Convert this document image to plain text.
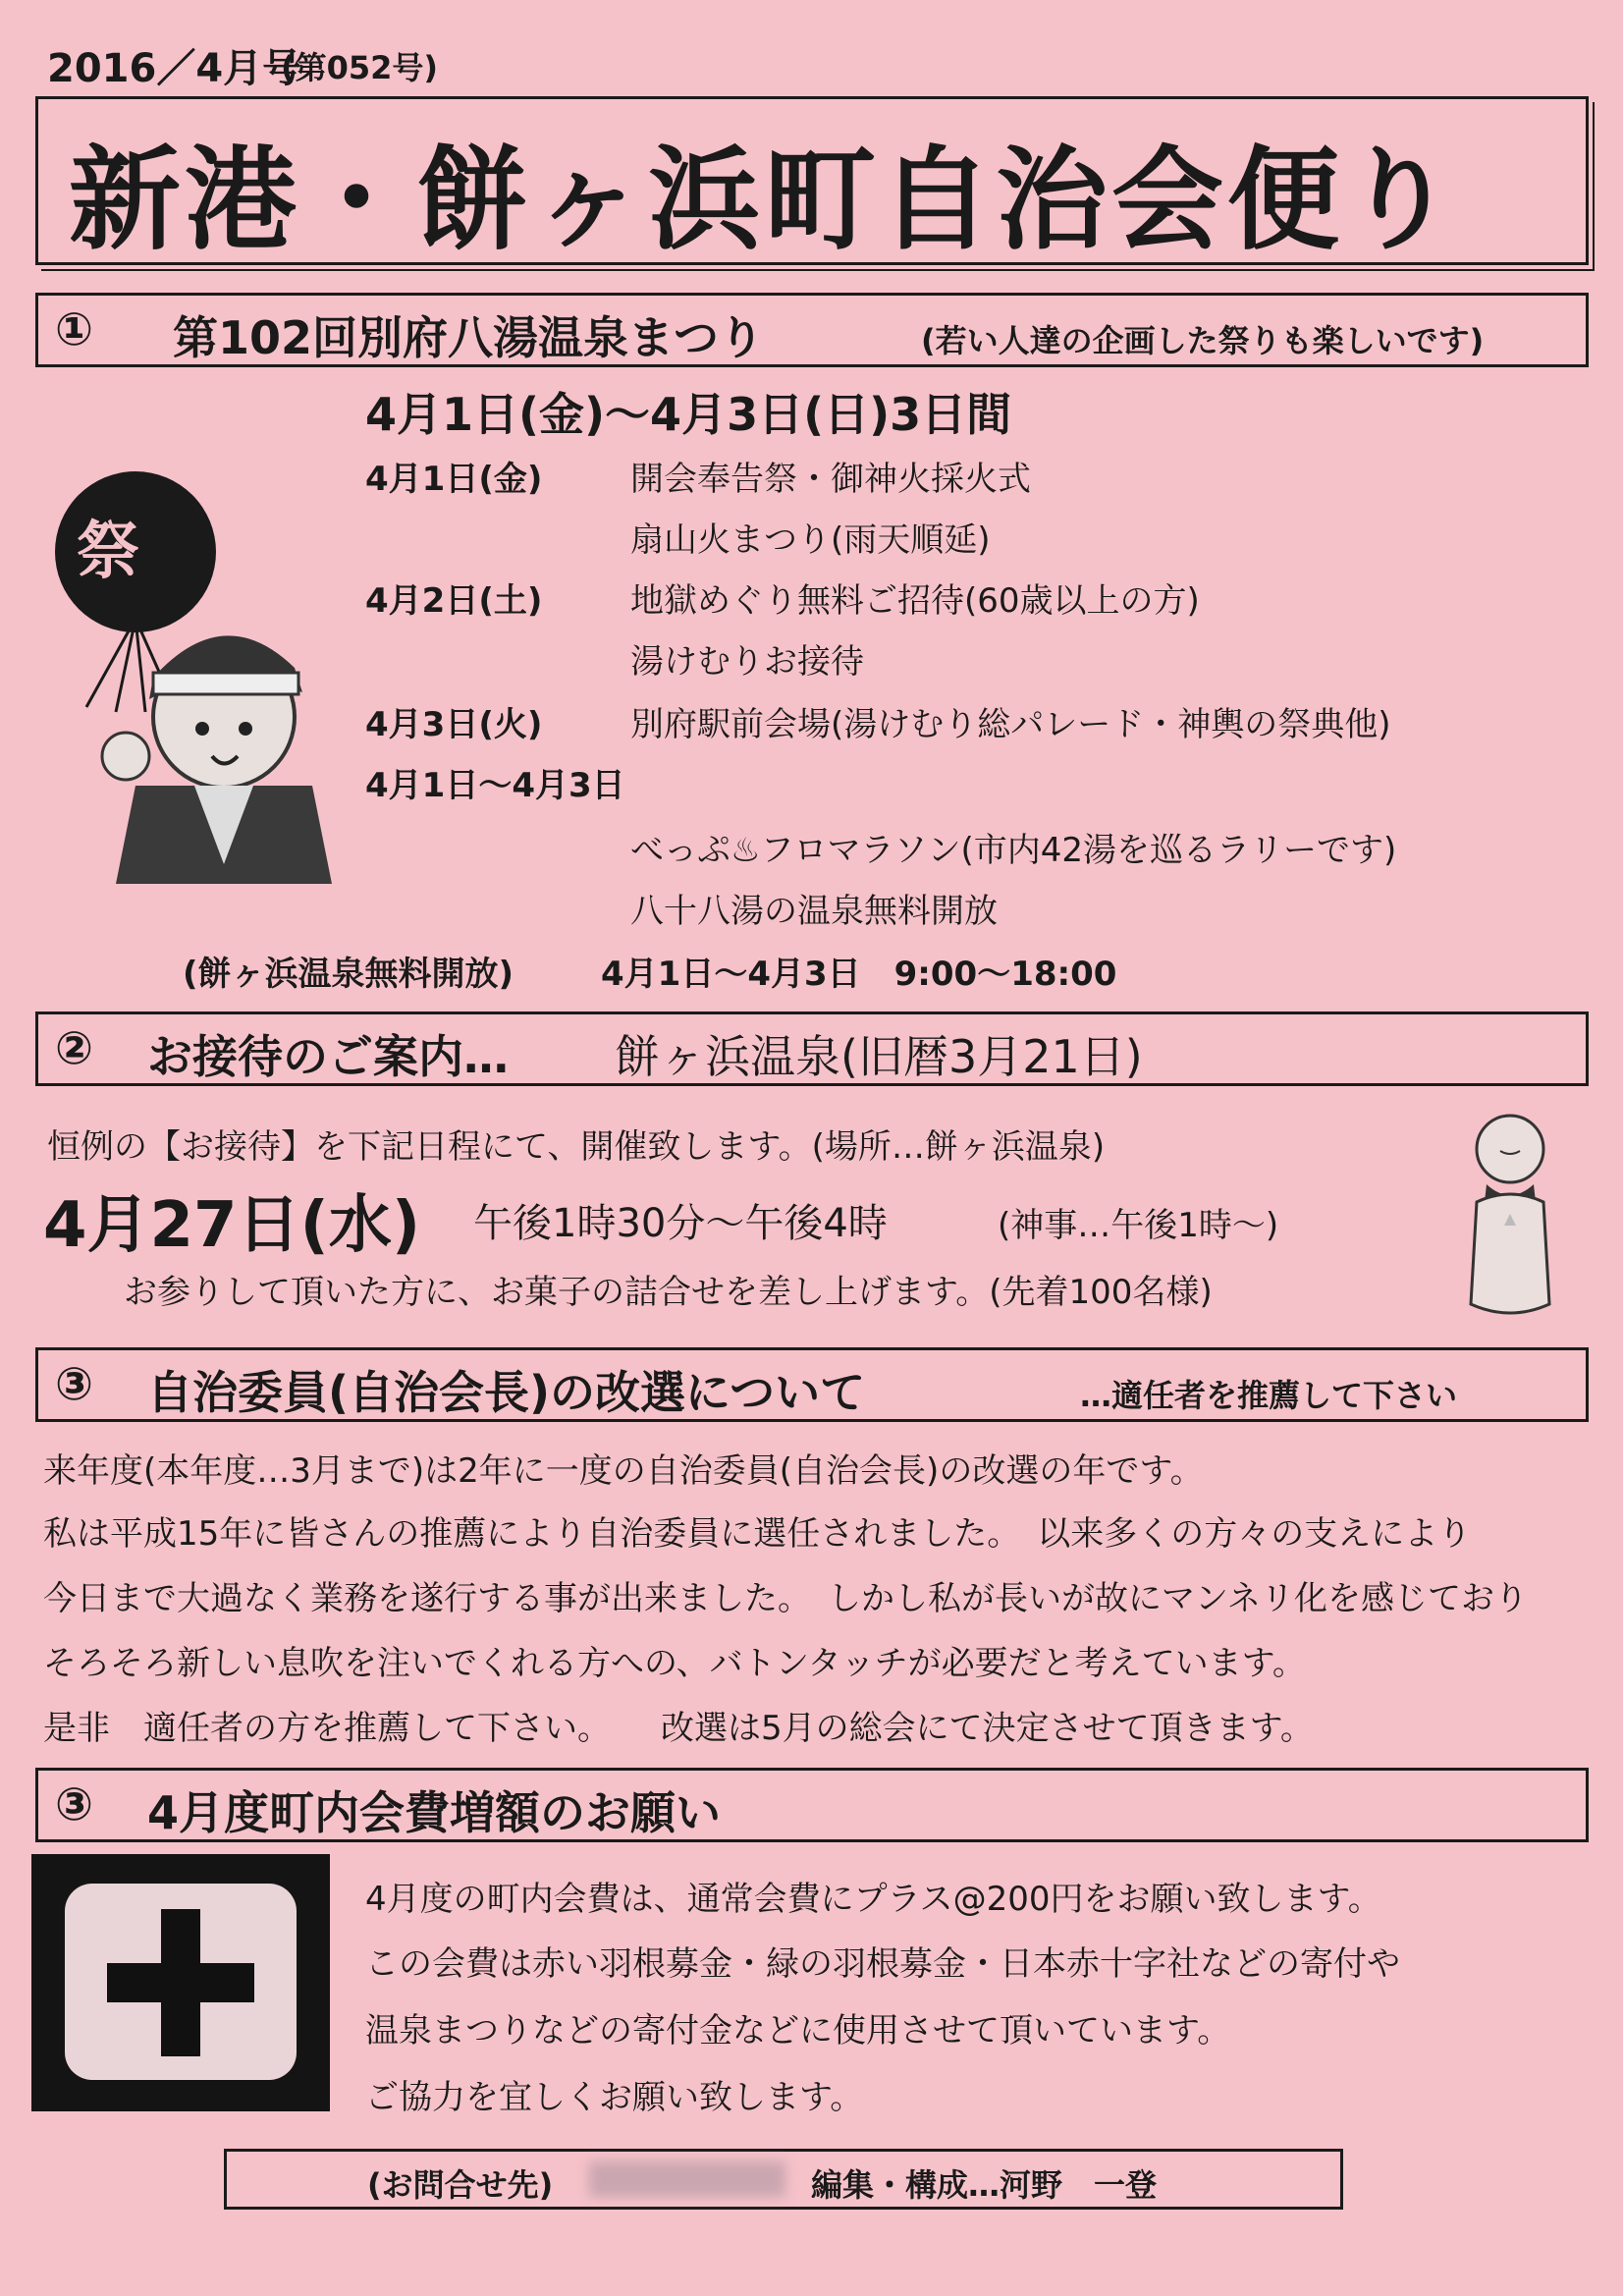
2016／4月号
(第052号)
新港・餅ヶ浜町自治会便り
① 第102回別府八湯温泉まつり	(若い人達の企画した祭りも楽しいです)
祭
4月1日(金)～4月3日(日)3日間
4月1日(金)	開会奉告祭・御神火採火式
扇山火まつり(雨天順延)
4月2日(土)	地獄めぐり無料ご招待(60歳以上の方)
湯けむりお接待
4月3日(火)	別府駅前会場(湯けむり総パレード・神輿の祭典他)
4月1日～4月3日
べっぷ♨フロマラソン(市内42湯を巡るラリーです)
八十八湯の温泉無料開放
(餅ヶ浜温泉無料開放)	4月1日～4月3日　9:00～18:00
② お接待のご案内… 餅ヶ浜温泉(旧暦3月21日)
恒例の【お接待】を下記日程にて、開催致します。(場所…餅ヶ浜温泉)
4月27日(水) 午後1時30分～午後4時	(神事…午後1時～)
お参りして頂いた方に、お菓子の詰合せを差し上げます。(先着100名様)
③ 自治委員(自治会長)の改選について	…適任者を推薦して下さい
来年度(本年度…3月まで)は2年に一度の自治委員(自治会長)の改選の年です。
私は平成15年に皆さんの推薦により自治委員に選任されました。　以来多くの方々の支えにより
今日まで大過なく業務を遂行する事が出来ました。　しかし私が長いが故にマンネリ化を感じており
そろそろ新しい息吹を注いでくれる方への、バトンタッチが必要だと考えています。
是非　適任者の方を推薦して下さい。　　改選は5月の総会にて決定させて頂きます。
③ 4月度町内会費増額のお願い
4月度の町内会費は、通常会費にプラス@200円をお願い致します。
この会費は赤い羽根募金・緑の羽根募金・日本赤十字社などの寄付や
温泉まつりなどの寄付金などに使用させて頂いています。
ご協力を宜しくお願い致します。
(お問合せ先)	編集・構成…河野　一登
